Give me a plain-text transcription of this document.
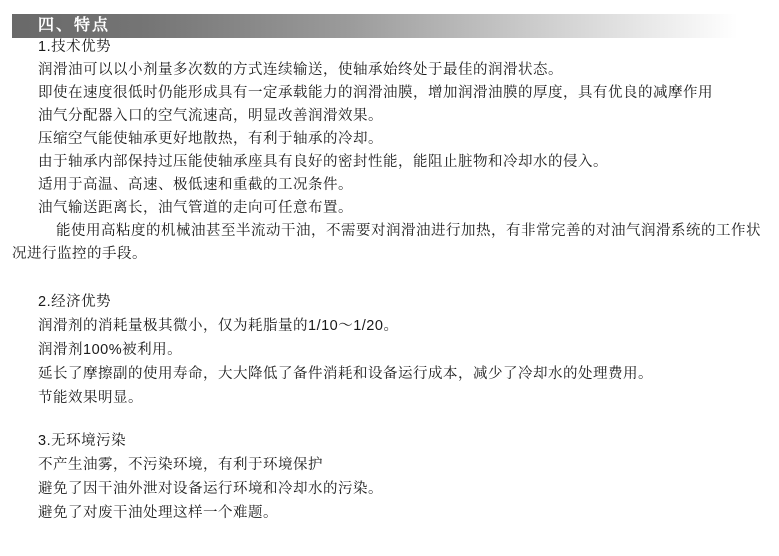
四、特点

1.技术优势

润滑油可以以小剂量多次数的方式连续输送，使轴承始终处于最佳的润滑状态。

即使在速度很低时仍能形成具有一定承载能力的润滑油膜，增加润滑油膜的厚度，具有优良的减摩作用

油气分配器入口的空气流速高，明显改善润滑效果。

压缩空气能使轴承更好地散热，有利于轴承的冷却。

由于轴承内部保持过压能使轴承座具有良好的密封性能，能阻止脏物和冷却水的侵入。

适用于高温、高速、极低速和重截的工况条件。

油气输送距离长，油气管道的走向可任意布置。

能使用高粘度的机械油甚至半流动干油，不需要对润滑油进行加热，有非常完善的对油气润滑系统的工作状况进行监控的手段。

2.经济优势

润滑剂的消耗量极其微小，仅为耗脂量的1/10～1/20。

润滑剂100%被利用。

延长了摩擦副的使用寿命，大大降低了备件消耗和设备运行成本，减少了冷却水的处理费用。

节能效果明显。

3.无环境污染

不产生油雾，不污染环境，有利于环境保护

避免了因干油外泄对设备运行环境和冷却水的污染。

避免了对废干油处理这样一个难题。
